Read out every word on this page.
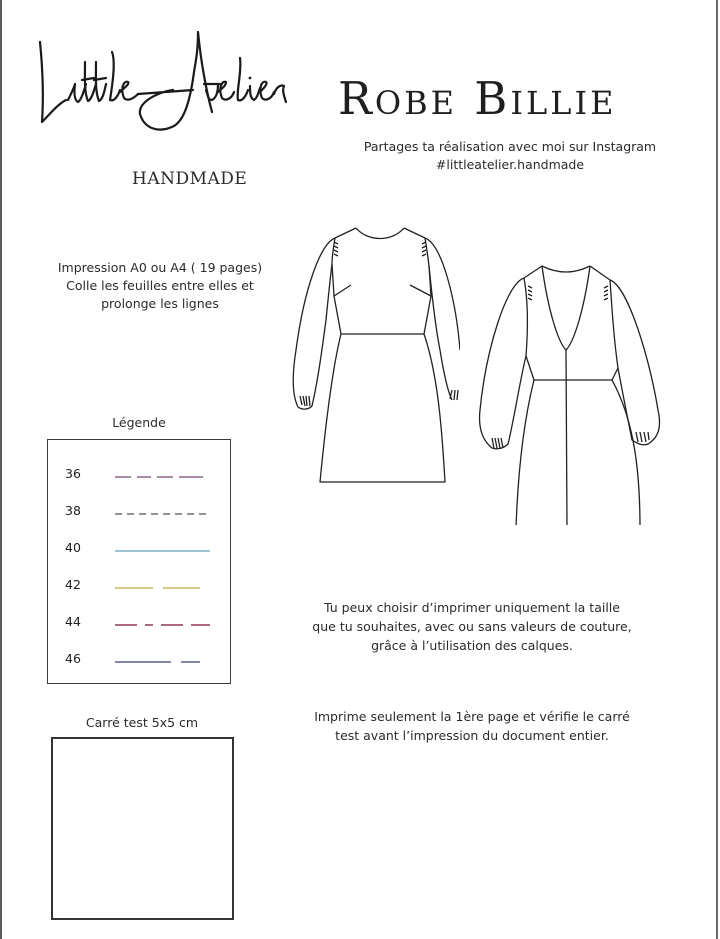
HANDMADE
Robe Billie
Partages ta réalisation avec moi sur Instagram
#littleatelier.handmade
Impression A0 ou A4 ( 19 pages)
Colle les feuilles entre elles et
prolonge les lignes
Légende
36
38
40
42
44
46
Carré test 5x5 cm
Tu peux choisir d’imprimer uniquement la taille
que tu souhaites, avec ou sans valeurs de couture,
grâce à l’utilisation des calques.
Imprime seulement la 1ère page et vérifie le carré
test avant l’impression du document entier.
